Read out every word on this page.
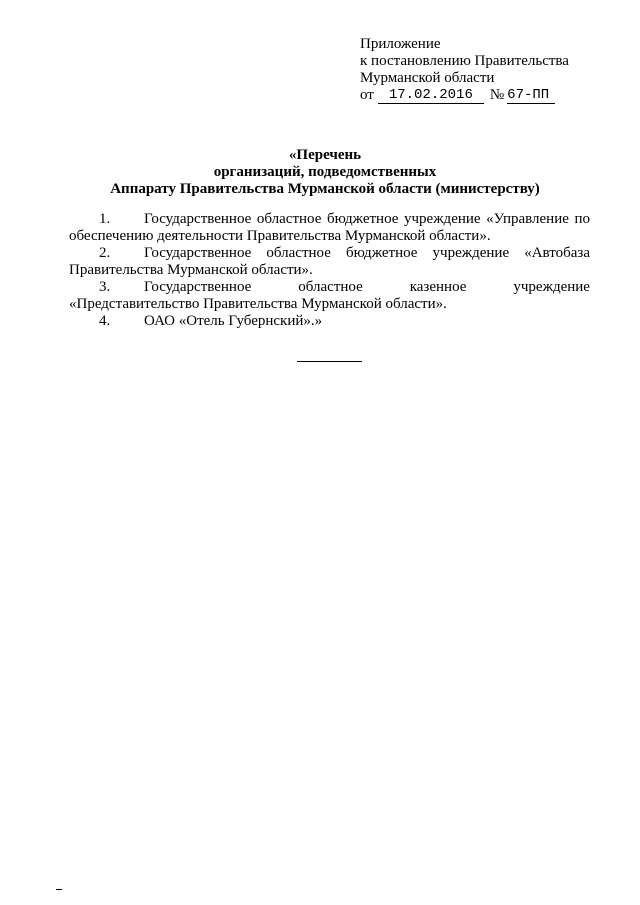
Приложение
к постановлению Правительства
Мурманской области
от	17.02.2016	№ 67-ПП
«Перечень
организаций, подведомственных
Аппарату Правительства Мурманской области (министерству)

1. Государственное областное бюджетное учреждение «Управление по обеспечению деятельности Правительства Мурманской области».

2. Государственное областное бюджетное учреждение «Автобаза Правительства Мурманской области».

3.	Государственное	областное	казенное	учреждение
«Представительство Правительства Мурманской области».

4. ОАО «Отель Губернский».»
